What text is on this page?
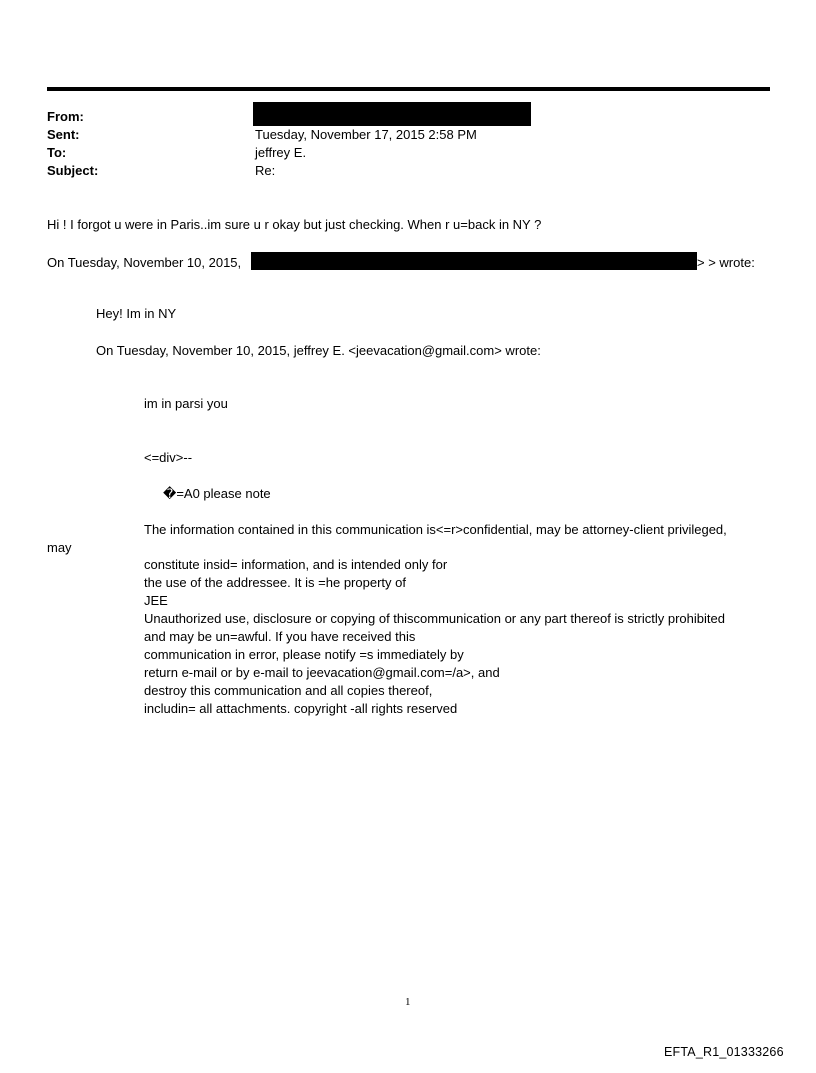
From:
Sent:	Tuesday, November 17, 2015 2:58 PM
To:	jeffrey E.
Subject:	Re:
Hi ! I forgot u were in Paris..im sure u r okay but just checking. When r u=back in NY ?
On Tuesday, November 10, 2015,	> > wrote:
Hey! Im in NY
On Tuesday, November 10, 2015, jeffrey E. <jeevacation@gmail.com> wrote:
im in parsi you
<=div>--
�=A0 please note
The information contained in this communication is<=r>confidential, may be attorney-client privileged,
may
constitute insid= information, and is intended only for
the use of the addressee. It is =he property of
JEE
Unauthorized use, disclosure or copying of thiscommunication or any part thereof is strictly prohibited
and may be un=awful. If you have received this
communication in error, please notify =s immediately by
return e-mail or by e-mail to jeevacation@gmail.com=/a>, and
destroy this communication and all copies thereof,
includin= all attachments. copyright -all rights reserved
1
EFTA_R1_01333266
